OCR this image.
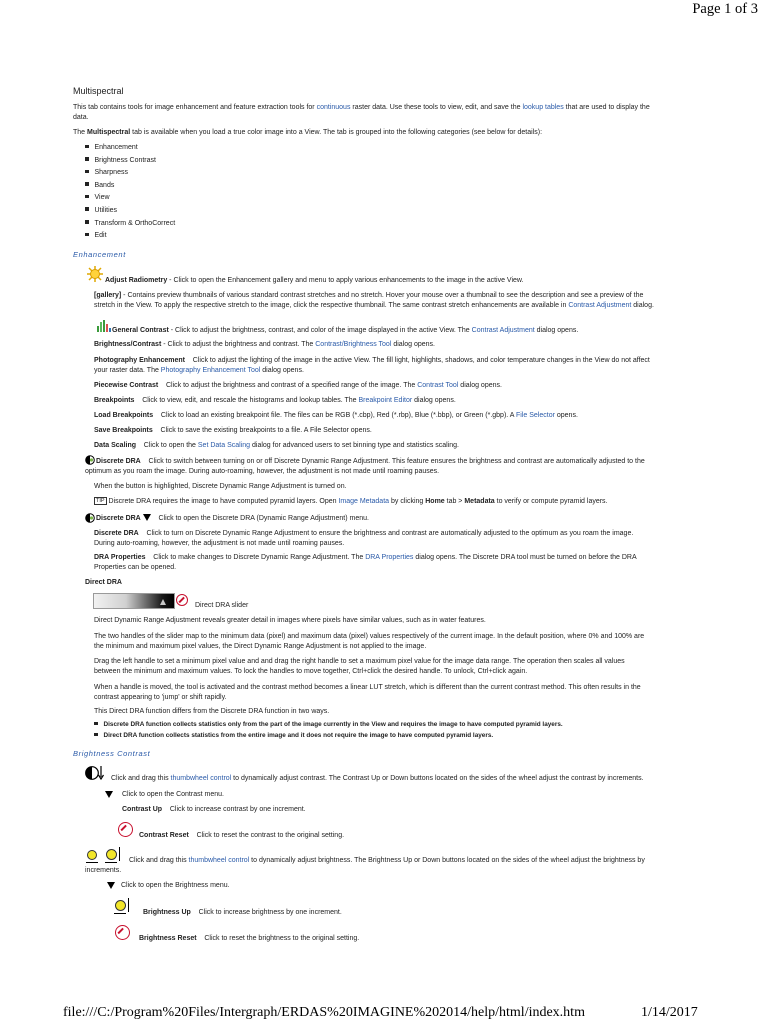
Page 1 of 3
Multispectral
This tab contains tools for image enhancement and feature extraction tools for continuous raster data. Use these tools to view, edit, and save the lookup tables that are used to display the
data.
The Multispectral tab is available when you load a true color image into a View. The tab is grouped into the following categories (see below for details):
Enhancement
Brightness Contrast
Sharpness
Bands
View
Utilities
Transform & OrthoCorrect
Edit
Enhancement
Adjust Radiometry - Click to open the Enhancement gallery and menu to apply various enhancements to the image in the active View.
[gallery] - Contains preview thumbnails of various standard contrast stretches and no stretch. Hover your mouse over a thumbnail to see the description and see a preview of the
stretch in the View. To apply the respective stretch to the image, click the respective thumbnail. The same contrast stretch enhancements are available in Contrast Adjustment dialog.
General Contrast - Click to adjust the brightness, contrast, and color of the image displayed in the active View. The Contrast Adjustment dialog opens.
Brightness/Contrast - Click to adjust the brightness and contrast. The Contrast/Brightness Tool dialog opens.
Photography Enhancement    Click to adjust the lighting of the image in the active View. The fill light, highlights, shadows, and color temperature changes in the View do not affect
your raster data. The Photography Enhancement Tool dialog opens.
Piecewise Contrast    Click to adjust the brightness and contrast of a specified range of the image. The Contrast Tool dialog opens.
Breakpoints    Click to view, edit, and rescale the histograms and lookup tables. The Breakpoint Editor dialog opens.
Load Breakpoints    Click to load an existing breakpoint file. The files can be RGB (*.cbp), Red (*.rbp), Blue (*.bbp), or Green (*.gbp). A File Selector opens.
Save Breakpoints    Click to save the existing breakpoints to a file. A File Selector opens.
Data Scaling    Click to open the Set Data Scaling dialog for advanced users to set binning type and statistics scaling.
Discrete DRA    Click to switch between turning on or off Discrete Dynamic Range Adjustment. This feature ensures the brightness and contrast are automatically adjusted to the
optimum as you roam the image. During auto-roaming, however, the adjustment is not made until roaming pauses.
When the button is highlighted, Discrete Dynamic Range Adjustment is turned on.
TIP Discrete DRA requires the image to have computed pyramid layers. Open Image Metadata by clicking Home tab > Metadata to verify or compute pyramid layers.
Discrete DRA     Click to open the Discrete DRA (Dynamic Range Adjustment) menu.
Discrete DRA    Click to turn on Discrete Dynamic Range Adjustment to ensure the brightness and contrast are automatically adjusted to the optimum as you roam the image.
During auto-roaming, however, the adjustment is not made until roaming pauses.
DRA Properties    Click to make changes to Discrete Dynamic Range Adjustment. The DRA Properties dialog opens. The Discrete DRA tool must be turned on before the DRA
Properties can be opened.
Direct DRA
Direct DRA slider
Direct Dynamic Range Adjustment reveals greater detail in images where pixels have similar values, such as in water features.
The two handles of the slider map to the minimum data (pixel) and maximum data (pixel) values respectively of the current image. In the default position, where 0% and 100% are
the minimum and maximum pixel values, the Direct Dynamic Range Adjustment is not applied to the image.
Drag the left handle to set a minimum pixel value and and drag the right handle to set a maximum pixel value for the image data range. The operation then scales all values
between the minimum and maximum values. To lock the handles to move together, Ctrl+click the desired handle. To unlock, Ctrl+click again.
When a handle is moved, the tool is activated and the contrast method becomes a linear LUT stretch, which is different than the current contrast method. This often results in the
contrast appearing to 'jump' or shift rapidly.
This Direct DRA function differs from the Discrete DRA function in two ways.
Discrete DRA function collects statistics only from the part of the image currently in the View and requires the image to have computed pyramid layers.
Direct DRA function collects statistics from the entire image and it does not require the image to have computed pyramid layers.
Brightness Contrast
Click and drag this thumbwheel control to dynamically adjust contrast. The Contrast Up or Down buttons located on the sides of the wheel adjust the contrast by increments.
Click to open the Contrast menu.
Contrast Up    Click to increase contrast by one increment.
Contrast Reset    Click to reset the contrast to the original setting.
Click and drag this thumbwheel control to dynamically adjust brightness. The Brightness Up or Down buttons located on the sides of the wheel adjust the brightness by
increments.
Click to open the Brightness menu.
Brightness Up    Click to increase brightness by one increment.
Brightness Reset    Click to reset the brightness to the original setting.
file:///C:/Program%20Files/Intergraph/ERDAS%20IMAGINE%202014/help/html/index.htm	1/14/2017
